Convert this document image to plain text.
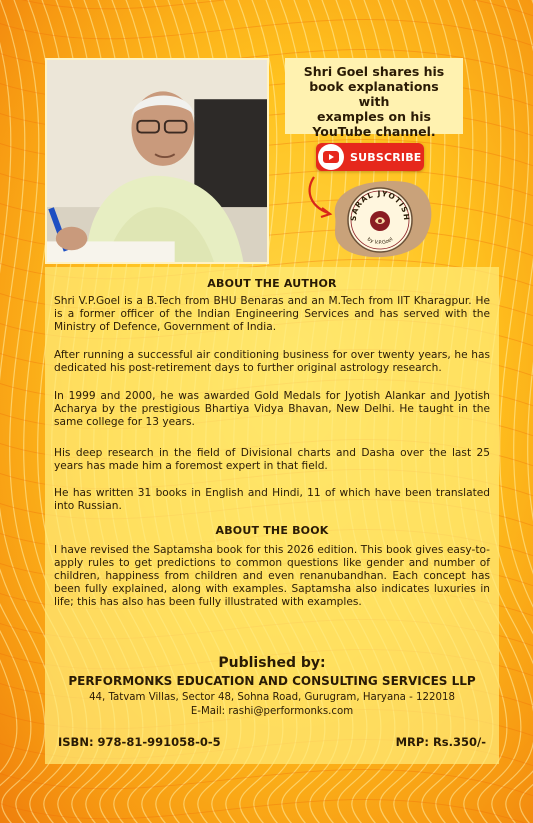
Shri Goel shares his
book explanations with
examples on his
YouTube channel.
SUBSCRIBE
SARAL JYOTISH
by V.P.Goel
ABOUT THE AUTHOR

Shri V.P.Goel is a B.Tech from BHU Benaras and an M.Tech from IIT Kharagpur. He is a former officer of the Indian Engineering Services and has served with the Ministry of Defence, Government of India.

After running a successful air conditioning business for over twenty years, he has dedicated his post-retirement days to further original astrology research.

In 1999 and 2000, he was awarded Gold Medals for Jyotish Alankar and Jyotish Acharya by the prestigious Bhartiya Vidya Bhavan, New Delhi. He taught in the same college for 13 years.

His deep research in the field of Divisional charts and Dasha over the last 25 years has made him a foremost expert in that field.

He has written 31 books in English and Hindi, 11 of which have been translated into Russian.

ABOUT THE BOOK

I have revised the Saptamsha book for this 2026 edition. This book gives easy-to-apply rules to get predictions to common questions like gender and number of children, happiness from children and even renanubandhan. Each concept has been fully explained, along with examples. Saptamsha also indicates luxuries in life; this has also has been fully illustrated with examples.

Published by:
PERFORMONKS EDUCATION AND CONSULTING SERVICES LLP
44, Tatvam Villas, Sector 48, Sohna Road, Gurugram, Haryana - 122018
E-Mail: rashi@performonks.com
ISBN: 978-81-991058-0-5	MRP: Rs.350/-
